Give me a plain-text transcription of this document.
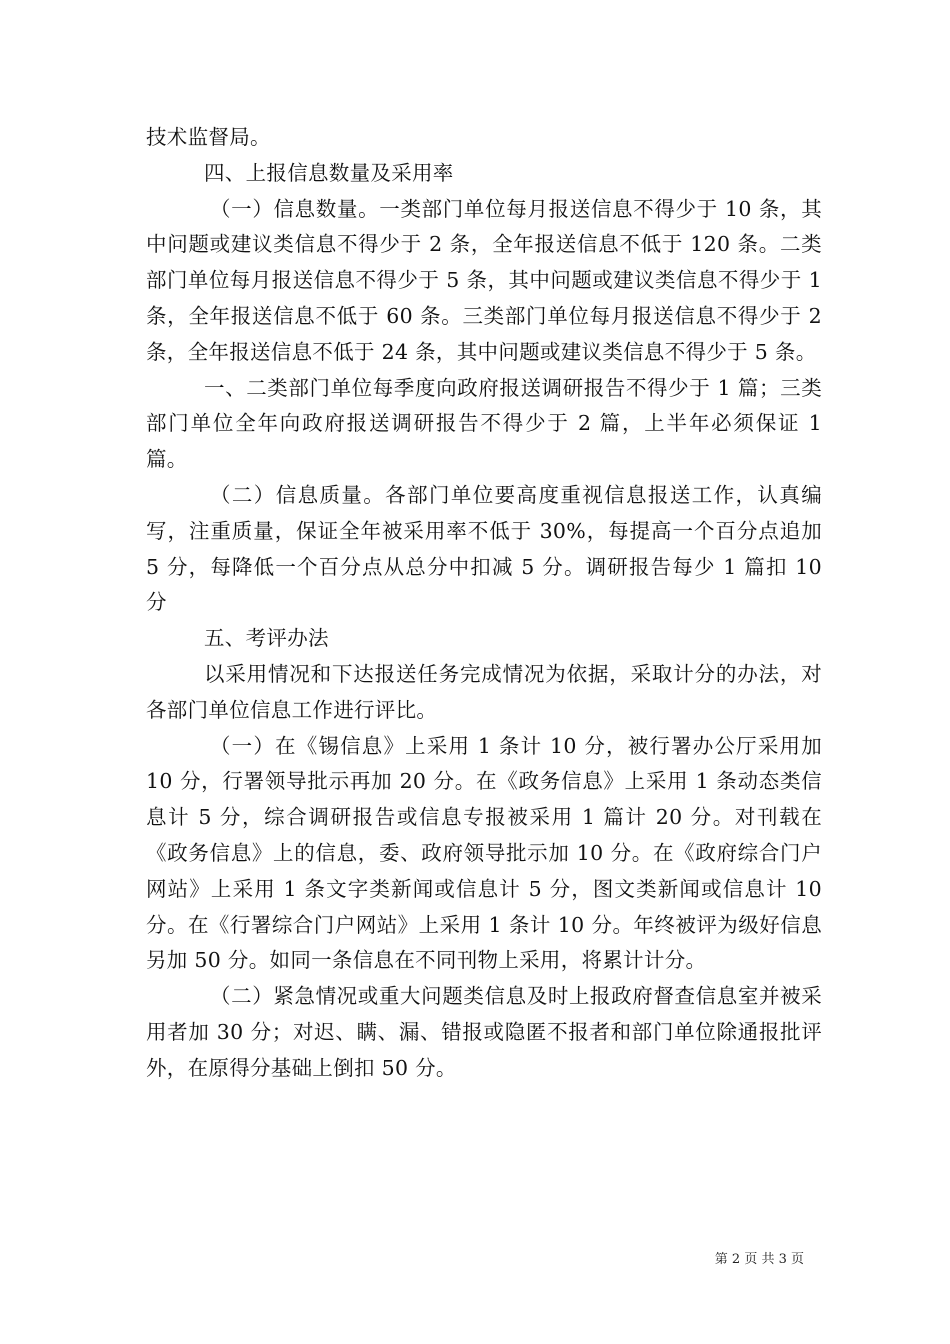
技术监督局。

四、上报信息数量及采用率

（一）信息数量。一类部门单位每月报送信息不得少于 10 条，其中问题或建议类信息不得少于 2 条，全年报送信息不低于 120 条。二类部门单位每月报送信息不得少于 5 条，其中问题或建议类信息不得少于 1 条，全年报送信息不低于 60 条。三类部门单位每月报送信息不得少于 2 条，全年报送信息不低于 24 条，其中问题或建议类信息不得少于 5 条。

一、二类部门单位每季度向政府报送调研报告不得少于 1 篇；三类部门单位全年向政府报送调研报告不得少于 2 篇，上半年必须保证 1 篇。

（二）信息质量。各部门单位要高度重视信息报送工作，认真编写，注重质量，保证全年被采用率不低于 30%，每提高一个百分点追加 5 分，每降低一个百分点从总分中扣减 5 分。调研报告每少 1 篇扣 10 分

五、考评办法

以采用情况和下达报送任务完成情况为依据，采取计分的办法，对各部门单位信息工作进行评比。

（一）在《锡信息》上采用 1 条计 10 分，被行署办公厅采用加 10 分，行署领导批示再加 20 分。在《政务信息》上采用 1 条动态类信息计 5 分，综合调研报告或信息专报被采用 1 篇计 20 分。对刊载在《政务信息》上的信息，委、政府领导批示加 10 分。在《政府综合门户网站》上采用 1 条文字类新闻或信息计 5 分，图文类新闻或信息计 10 分。在《行署综合门户网站》上采用 1 条计 10 分。年终被评为级好信息另加 50 分。如同一条信息在不同刊物上采用，将累计计分。

（二）紧急情况或重大问题类信息及时上报政府督查信息室并被采用者加 30 分；对迟、瞒、漏、错报或隐匿不报者和部门单位除通报批评外，在原得分基础上倒扣 50 分。

第 2 页 共 3 页
